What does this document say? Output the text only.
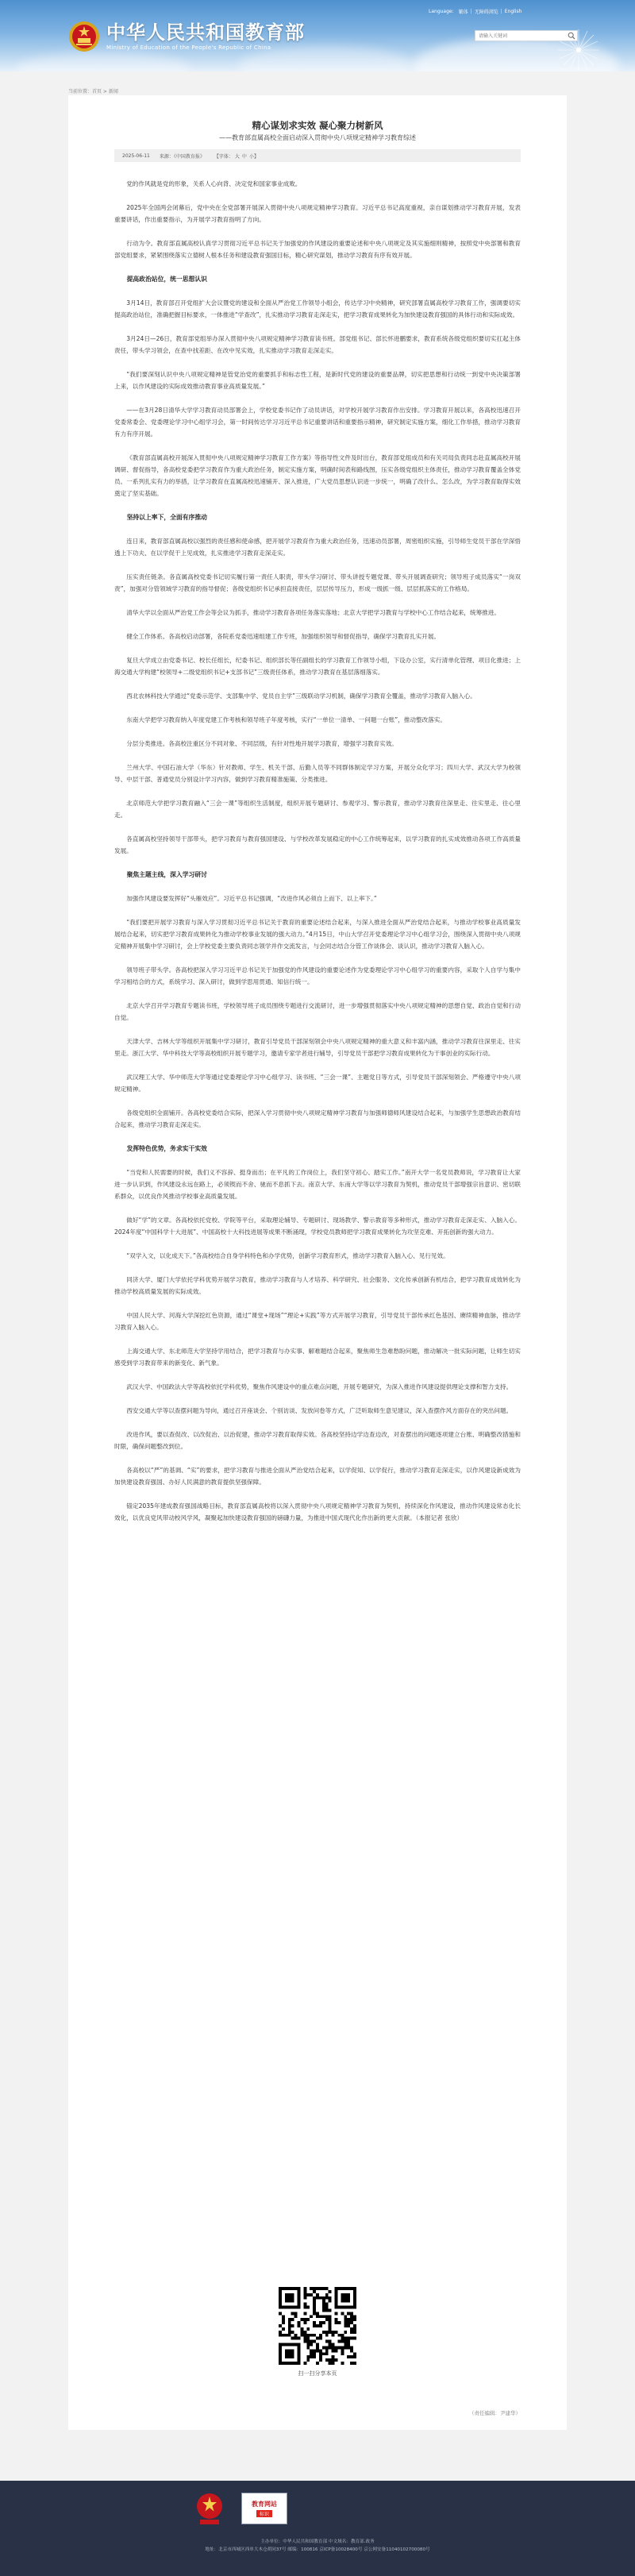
中华人民共和国教育部
Ministry of Education of the People's Republic of China
Language: 繁体 | 无障碍浏览 | English
请输入关键词
当前位置：首页 > 新闻
精心谋划求实效 凝心聚力树新风
——教育部直属高校全面启动深入贯彻中央八项规定精神学习教育综述
2025-06-11 来源：《中国教育报》 【字体： 大 中 小】

党的作风就是党的形象，关系人心向背、决定党和国家事业成败。

2025年全国两会闭幕后，党中央在全党部署开展深入贯彻中央八项规定精神学习教育。习近平总书记高度重视，亲自谋划推动学习教育开展，发表重要讲话，作出重要指示，为开展学习教育指明了方向。

行动为令。教育部直属高校认真学习贯彻习近平总书记关于加强党的作风建设的重要论述和中央八项规定及其实施细则精神，按照党中央部署和教育部党组要求，紧紧围绕落实立德树人根本任务和建设教育强国目标，精心研究谋划，推动学习教育有序有效开展。

提高政治站位，统一思想认识

3月14日，教育部召开党组扩大会议暨党的建设和全面从严治党工作领导小组会，传达学习中央精神，研究部署直属高校学习教育工作，强调要切实提高政治站位，准确把握目标要求，一体推进“学查改”，扎实推动学习教育走深走实，把学习教育成果转化为加快建设教育强国的具体行动和实际成效。

3月24日—26日，教育部党组举办深入贯彻中央八项规定精神学习教育读书班。部党组书记、部长怀进鹏要求，教育系统各级党组织要切实扛起主体责任，带头学习领会，在查中找差距、在改中见实效，扎实推动学习教育走深走实。

“我们要深刻认识中央八项规定精神是管党治党的重要抓手和标志性工程，是新时代党的建设的重要品牌，切实把思想和行动统一到党中央决策部署上来，以作风建设的实际成效推动教育事业高质量发展。”

——在3月28日清华大学学习教育动员部署会上，学校党委书记作了动员讲话，对学校开展学习教育作出安排。学习教育开展以来，各高校迅速召开党委常委会、党委理论学习中心组学习会，第一时间传达学习习近平总书记重要讲话和重要指示精神，研究制定实施方案，细化工作举措，推动学习教育有力有序开展。

《教育部直属高校开展深入贯彻中央八项规定精神学习教育工作方案》等指导性文件及时出台，教育部党组成员和有关司局负责同志赴直属高校开展调研、督促指导，各高校党委把学习教育作为重大政治任务，制定实施方案，明确时间表和路线图，压实各级党组织主体责任，推动学习教育覆盖全体党员。一系列扎实有力的举措，让学习教育在直属高校迅速铺开、深入推进，广大党员思想认识进一步统一，明确了改什么、怎么改，为学习教育取得实效奠定了坚实基础。

坚持以上率下，全面有序推动

连日来，教育部直属高校以强烈的责任感和使命感，把开展学习教育作为重大政治任务，迅速动员部署，周密组织实施，引导师生党员干部在学深悟透上下功夫、在以学促干上见成效，扎实推进学习教育走深走实。

压实责任链条。各直属高校党委书记切实履行第一责任人职责，带头学习研讨、带头讲授专题党课、带头开展调查研究；领导班子成员落实“一岗双责”，加强对分管领域学习教育的指导督促；各级党组织书记承担直接责任，层层传导压力，形成一级抓一级、层层抓落实的工作格局。

清华大学以全面从严治党工作会等会议为抓手，推动学习教育各项任务落实落地；北京大学把学习教育与学校中心工作结合起来，统筹推进。

健全工作体系。各高校启动部署，各院系党委迅速组建工作专班，加强组织领导和督促指导，确保学习教育扎实开展。

复旦大学成立由党委书记、校长任组长，纪委书记、组织部长等任副组长的学习教育工作领导小组，下设办公室，实行清单化管理、项目化推进；上海交通大学构建“校领导+二级党组织书记+支部书记”三级责任体系，推动学习教育在基层落细落实。

西北农林科技大学通过“党委示范学、支部集中学、党员自主学”三级联动学习机制，确保学习教育全覆盖，推动学习教育入脑入心。

东南大学把学习教育纳入年度党建工作考核和领导班子年度考核，实行“一单位一清单、一问题一台账”，推动整改落实。

分层分类推进。各高校注重区分不同对象、不同层级，有针对性地开展学习教育，增强学习教育实效。

兰州大学、中国石油大学（华东）针对教师、学生、机关干部、后勤人员等不同群体制定学习方案，开展分众化学习；四川大学、武汉大学为校领导、中层干部、普通党员分别设计学习内容，做到学习教育精准施策、分类推进。

北京师范大学把学习教育融入“三会一课”等组织生活制度，组织开展专题研讨、参观学习、警示教育，推动学习教育往深里走、往实里走、往心里走。

各直属高校坚持领导干部带头，把学习教育与教育强国建设、与学校改革发展稳定的中心工作统筹起来，以学习教育的扎实成效推动各项工作高质量发展。

聚焦主题主线，深入学习研讨

加强作风建设要发挥好“头雁效应”。习近平总书记强调，“改进作风必须自上而下、以上率下。”

“我们要把开展学习教育与深入学习贯彻习近平总书记关于教育的重要论述结合起来，与深入推进全面从严治党结合起来，与推动学校事业高质量发展结合起来，切实把学习教育成果转化为推动学校事业发展的强大动力。”4月15日，中山大学召开党委理论学习中心组学习会，围绕深入贯彻中央八项规定精神开展集中学习研讨，会上学校党委主要负责同志领学并作交流发言，与会同志结合分管工作谈体会、谈认识，推动学习教育入脑入心。

领导班子带头学。各高校把深入学习习近平总书记关于加强党的作风建设的重要论述作为党委理论学习中心组学习的重要内容，采取个人自学与集中学习相结合的方式，系统学习、深入研讨，做到学思用贯通、知信行统一。

北京大学召开学习教育专题读书班，学校领导班子成员围绕专题进行交流研讨，进一步增强贯彻落实中央八项规定精神的思想自觉、政治自觉和行动自觉。

天津大学、吉林大学等组织开展集中学习研讨，教育引导党员干部深刻领会中央八项规定精神的重大意义和丰富内涵，推动学习教育往深里走、往实里走。浙江大学、华中科技大学等高校组织开展专题学习，邀请专家学者进行辅导，引导党员干部把学习教育成果转化为干事创业的实际行动。

武汉理工大学、华中师范大学等通过党委理论学习中心组学习、读书班、“三会一课”、主题党日等方式，引导党员干部深刻领会、严格遵守中央八项规定精神。

各级党组织全面铺开。各高校党委结合实际，把深入学习贯彻中央八项规定精神学习教育与加强师德师风建设结合起来，与加强学生思想政治教育结合起来，推动学习教育走深走实。

发挥特色优势，务求实干实效

“当党和人民需要的时候，我们义不容辞、挺身而出；在平凡的工作岗位上，我们坚守初心、踏实工作。”南开大学一名党员教师说，学习教育让大家进一步认识到，作风建设永远在路上，必须锲而不舍、驰而不息抓下去。南京大学、东南大学等以学习教育为契机，推动党员干部增强宗旨意识、密切联系群众，以优良作风推动学校事业高质量发展。

做好“学”的文章。各高校依托党校、学院等平台，采取理论辅导、专题研讨、现场教学、警示教育等多种形式，推动学习教育走深走实、入脑入心。2024年度“中国科学十大进展”、中国高校十大科技进展等成果不断涌现，学校党员教师把学习教育成果转化为攻坚克难、开拓创新的强大动力。

“双学入文，以化成天下。”各高校结合自身学科特色和办学优势，创新学习教育形式，推动学习教育入脑入心、见行见效。

同济大学、厦门大学依托学科优势开展学习教育，推动学习教育与人才培养、科学研究、社会服务、文化传承创新有机结合，把学习教育成效转化为推动学校高质量发展的实际成效。

中国人民大学、河海大学深挖红色资源，通过“课堂+现场”“理论+实践”等方式开展学习教育，引导党员干部传承红色基因、赓续精神血脉，推动学习教育入脑入心。

上海交通大学、东北师范大学坚持学用结合，把学习教育与办实事、解难题结合起来，聚焦师生急难愁盼问题，推动解决一批实际问题，让师生切实感受到学习教育带来的新变化、新气象。

武汉大学、中国政法大学等高校依托学科优势，聚焦作风建设中的重点难点问题，开展专题研究，为深入推进作风建设提供理论支撑和智力支持。

西安交通大学等以查摆问题为导向，通过召开座谈会、个别访谈、发放问卷等方式，广泛听取师生意见建议，深入查摆作风方面存在的突出问题。

改进作风，要以查促改、以改促治、以治促建，推动学习教育取得实效。各高校坚持边学边查边改，对查摆出的问题逐项建立台账、明确整改措施和时限，确保问题整改到位。

各高校以“严”的基调、“实”的要求，把学习教育与推进全面从严治党结合起来，以学促知、以学促行，推动学习教育走深走实，以作风建设新成效为加快建设教育强国、办好人民满意的教育提供坚强保障。

锚定2035年建成教育强国战略目标，教育部直属高校将以深入贯彻中央八项规定精神学习教育为契机，持续深化作风建设，推动作风建设常态化长效化，以优良党风带动校风学风，凝聚起加快建设教育强国的磅礴力量，为推进中国式现代化作出新的更大贡献。（本报记者 张欣）

扫一扫分享本页
（责任编辑：尹建华）
教育网站
标识
主办单位：中华人民共和国教育部 中文域名：教育部.政务
地址：北京市西城区西单大木仓胡同37号 邮编：100816 京ICP备10028400号 京公网安备11040102700080号
